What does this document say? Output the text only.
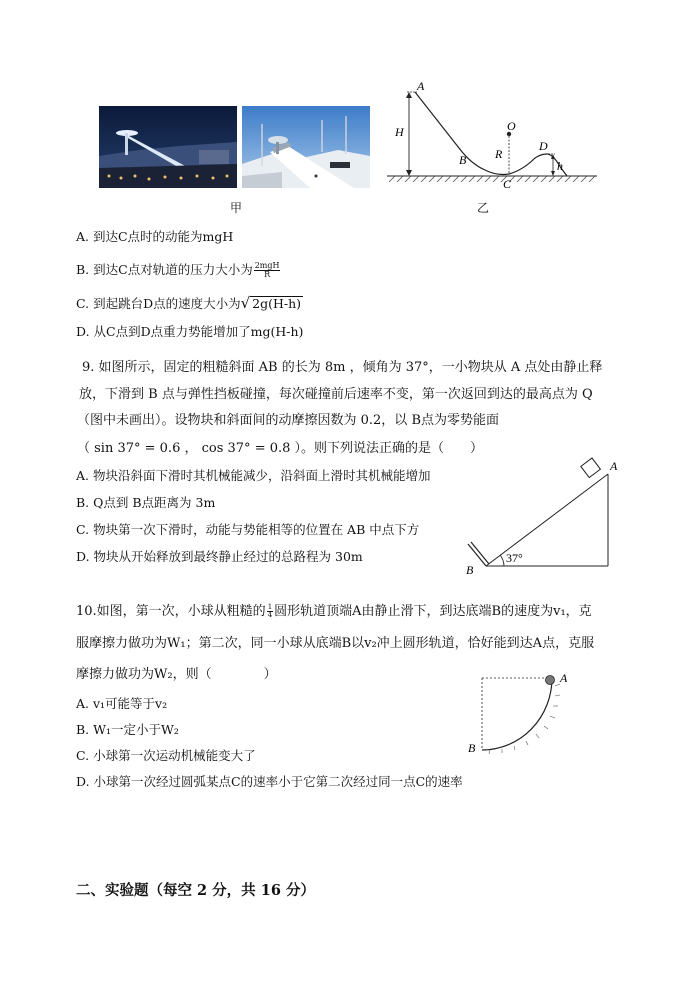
甲
A
H
B
O
R
C
D
h
乙
A. 到达C点时的动能为mgH
B. 到达C点对轨道的压力大小为 $\frac{\text{2mgH}}{R}$
C. 到起跳台D点的速度大小为√ 2g(H-h)
D. 从C点到D点重力势能增加了mg(H-h)
9. 如图所示，固定的粗糙斜面 AB 的长为 8m ，倾角为 37°，一小物块从 A 点处由静止释
放，下滑到 B 点与弹性挡板碰撞，每次碰撞前后速率不变，第一次返回到达的最高点为 Q
（图中未画出）。设物块和斜面间的动摩擦因数为 0.2，以 B点为零势能面
（ sin 37° = 0.6 ， cos 37° = 0.8 ）。则下列说法正确的是（　　）
A. 物块沿斜面下滑时其机械能减少，沿斜面上滑时其机械能增加
B. Q点到 B点距离为 3m
C. 物块第一次下滑时，动能与势能相等的位置在 AB 中点下方
D. 物块从开始释放到最终静止经过的总路程为 30m	37°
A
B
10.如图，第一次，小球从粗糙的 $\frac{1}{4}$ 圆形轨道顶端A由静止滑下，到达底端B的速度为v₁，克
服摩擦力做功为W₁；第二次，同一小球从底端B以v₂冲上圆形轨道，恰好能到达A点，克服
摩擦力做功为W₂，则（　　　　）
A. v₁可能等于v₂
B. W₁一定小于W₂
C. 小球第一次运动机械能变大了
D. 小球第一次经过圆弧某点C的速率小于它第二次经过同一点C的速率
A
B
二、实验题（每空 2 分，共 16 分）
